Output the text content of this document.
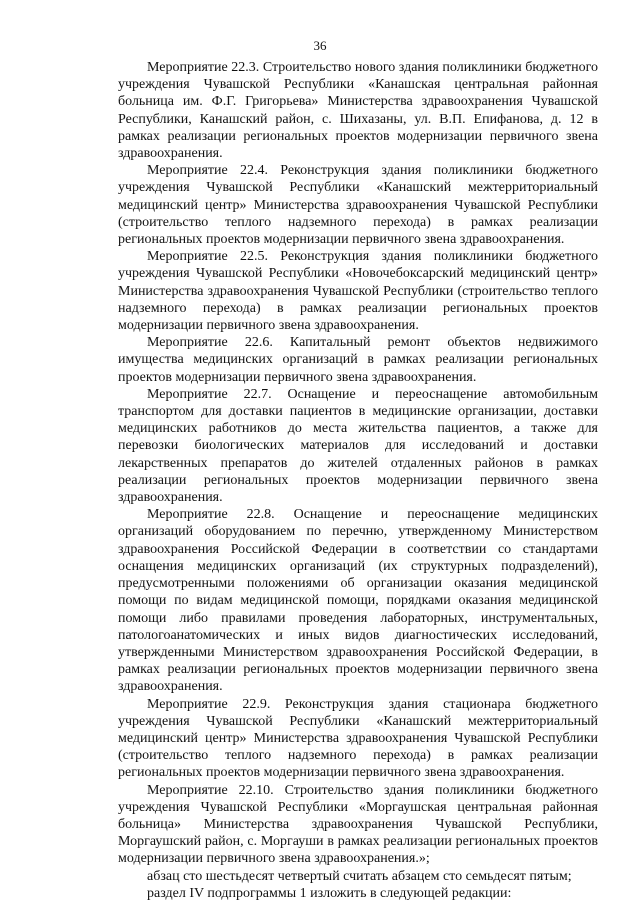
36

Мероприятие 22.3. Строительство нового здания поликлиники бюджетного учреждения Чувашской Республики «Канашская центральная районная больница им. Ф.Г. Григорьева» Министерства здравоохранения Чувашской Республики, Канашский район, с. Шихазаны, ул. В.П. Епифанова, д. 12 в рамках реализации региональных проектов модернизации первичного звена здравоохранения.

Мероприятие 22.4. Реконструкция здания поликлиники бюджетного учреждения Чувашской Республики «Канашский межтерриториальный медицинский центр» Министерства здравоохранения Чувашской Республики (строительство теплого надземного перехода) в рамках реализации региональных проектов модернизации первичного звена здравоохранения.

Мероприятие 22.5. Реконструкция здания поликлиники бюджетного учреждения Чувашской Республики «Новочебоксарский медицинский центр» Министерства здравоохранения Чувашской Республики (строительство теплого надземного перехода) в рамках реализации региональных проектов модернизации первичного звена здравоохранения.

Мероприятие 22.6. Капитальный ремонт объектов недвижимого имущества медицинских организаций в рамках реализации региональных проектов модернизации первичного звена здравоохранения.

Мероприятие 22.7. Оснащение и переоснащение автомобильным транспортом для доставки пациентов в медицинские организации, доставки медицинских работников до места жительства пациентов, а также для перевозки биологических материалов для исследований и доставки лекарственных препаратов до жителей отдаленных районов в рамках реализации региональных проектов модернизации первичного звена здравоохранения.

Мероприятие 22.8. Оснащение и переоснащение медицинских организаций оборудованием по перечню, утвержденному Министерством здравоохранения Российской Федерации в соответствии со стандартами оснащения медицинских организаций (их структурных подразделений), предусмотренными положениями об организации оказания медицинской помощи по видам медицинской помощи, порядками оказания медицинской помощи либо правилами проведения лабораторных, инструментальных, патологоанатомических и иных видов диагностических исследований, утвержденными Министерством здравоохранения Российской Федерации, в рамках реализации региональных проектов модернизации первичного звена здравоохранения.

Мероприятие 22.9. Реконструкция здания стационара бюджетного учреждения Чувашской Республики «Канашский межтерриториальный медицинский центр» Министерства здравоохранения Чувашской Республики (строительство теплого надземного перехода) в рамках реализации региональных проектов модернизации первичного звена здравоохранения.

Мероприятие 22.10. Строительство здания поликлиники бюджетного учреждения Чувашской Республики «Моргаушская центральная районная больница» Министерства здравоохранения Чувашской Республики, Моргаушский район, с. Моргауши в рамках реализации региональных проектов модернизации первичного звена здравоохранения.»;

абзац сто шестьдесят четвертый считать абзацем сто семьдесят пятым;

раздел IV подпрограммы 1 изложить в следующей редакции:
